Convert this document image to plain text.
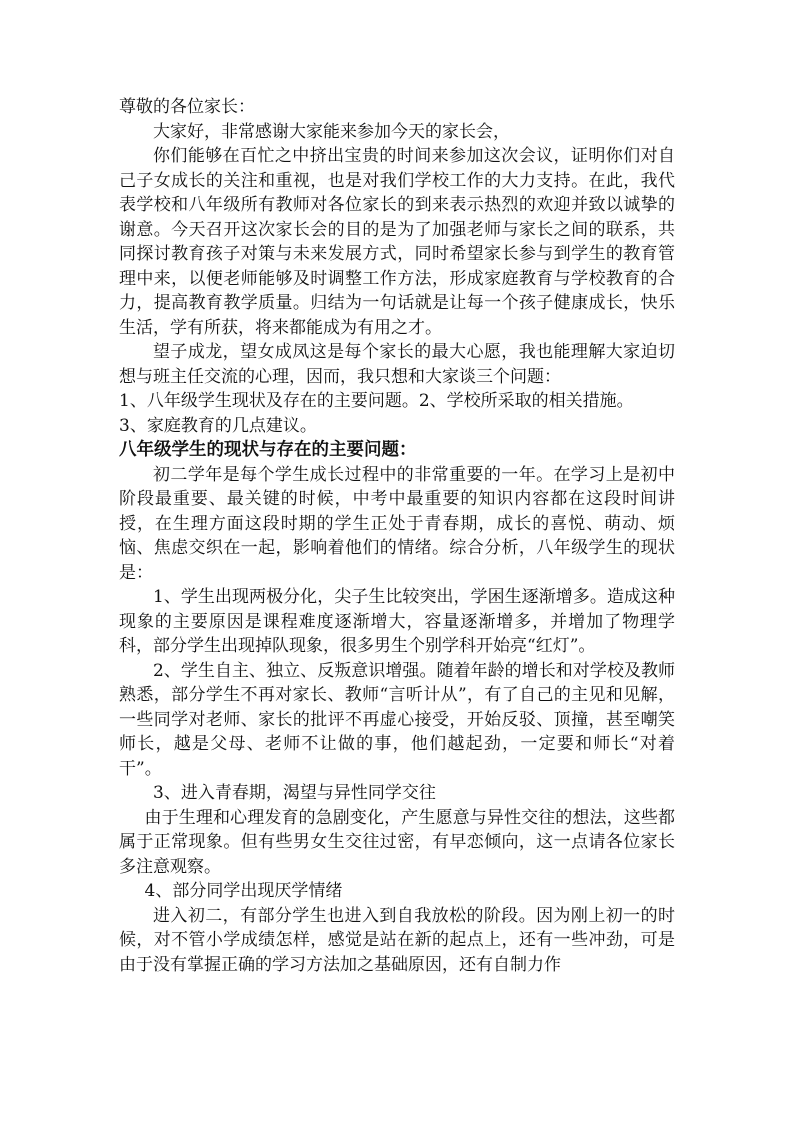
尊敬的各位家长：

大家好，非常感谢大家能来参加今天的家长会，

你们能够在百忙之中挤出宝贵的时间来参加这次会议，证明你们对自己子女成长的关注和重视，也是对我们学校工作的大力支持。在此，我代表学校和八年级所有教师对各位家长的到来表示热烈的欢迎并致以诚挚的谢意。今天召开这次家长会的目的是为了加强老师与家长之间的联系，共同探讨教育孩子对策与未来发展方式，同时希望家长参与到学生的教育管理中来，以便老师能够及时调整工作方法，形成家庭教育与学校教育的合力，提高教育教学质量。归结为一句话就是让每一个孩子健康成长，快乐生活，学有所获，将来都能成为有用之才。

望子成龙，望女成凤这是每个家长的最大心愿，我也能理解大家迫切想与班主任交流的心理，因而，我只想和大家谈三个问题：

1、八年级学生现状及存在的主要问题。2、学校所采取的相关措施。

3、家庭教育的几点建议。

八年级学生的现状与存在的主要问题：

初二学年是每个学生成长过程中的非常重要的一年。在学习上是初中阶段最重要、最关键的时候，中考中最重要的知识内容都在这段时间讲授，在生理方面这段时期的学生正处于青春期，成长的喜悦、萌动、烦恼、焦虑交织在一起，影响着他们的情绪。综合分析，八年级学生的现状是：

1、学生出现两极分化，尖子生比较突出，学困生逐渐增多。造成这种现象的主要原因是课程难度逐渐增大，容量逐渐增多，并增加了物理学科，部分学生出现掉队现象，很多男生个别学科开始亮“红灯”。

2、学生自主、独立、反叛意识增强。随着年龄的增长和对学校及教师熟悉，部分学生不再对家长、教师“言听计从”，有了自己的主见和见解，一些同学对老师、家长的批评不再虚心接受，开始反驳、顶撞，甚至嘲笑师长，越是父母、老师不让做的事，他们越起劲，一定要和师长“对着干”。

3、进入青春期，渴望与异性同学交往

由于生理和心理发育的急剧变化，产生愿意与异性交往的想法，这些都属于正常现象。但有些男女生交往过密，有早恋倾向，这一点请各位家长多注意观察。

4、部分同学出现厌学情绪

进入初二，有部分学生也进入到自我放松的阶段。因为刚上初一的时候，对不管小学成绩怎样，感觉是站在新的起点上，还有一些冲劲，可是由于没有掌握正确的学习方法加之基础原因，还有自制力作
